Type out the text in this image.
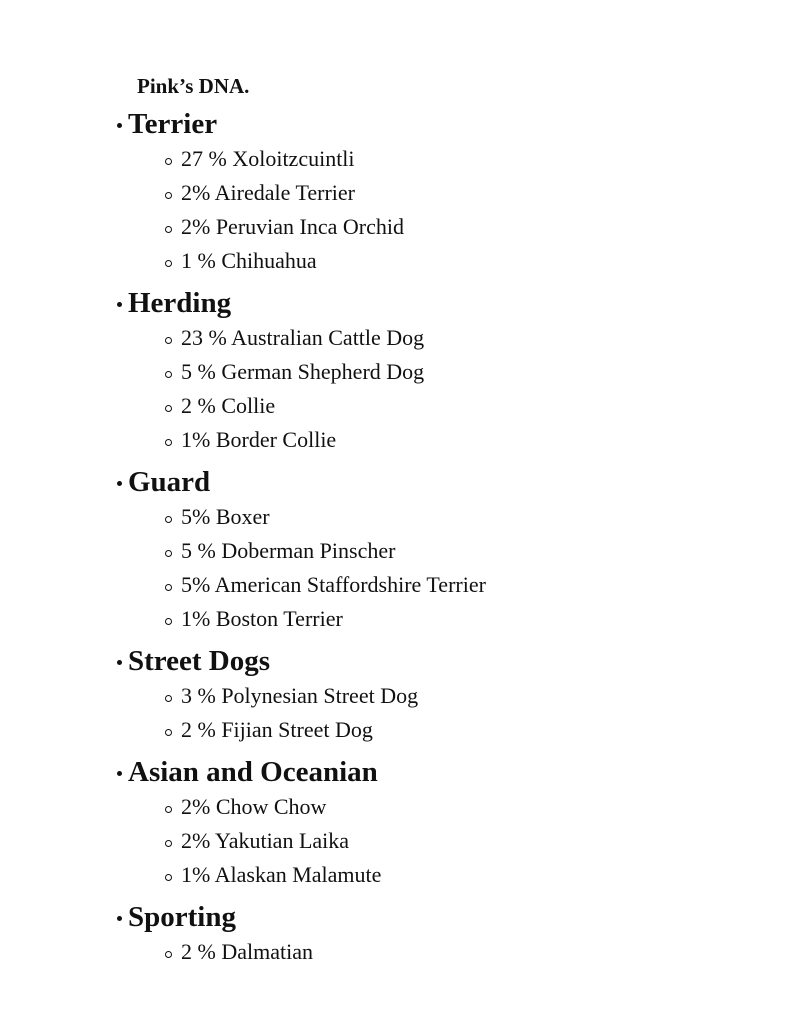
Pink’s DNA.
Terrier
• 27 % Xoloitzcuintli
• 2% Airedale Terrier
• 2% Peruvian Inca Orchid
• 1 % Chihuahua
Herding
• 23 % Australian Cattle Dog
• 5 % German Shepherd Dog
• 2 % Collie
• 1% Border Collie
Guard
• 5% Boxer
• 5 % Doberman Pinscher
• 5% American Staffordshire Terrier
• 1% Boston Terrier
Street Dogs
• 3 % Polynesian Street Dog
• 2 % Fijian Street Dog
Asian and Oceanian
• 2% Chow Chow
• 2% Yakutian Laika
• 1% Alaskan Malamute
Sporting
• 2 % Dalmatian
